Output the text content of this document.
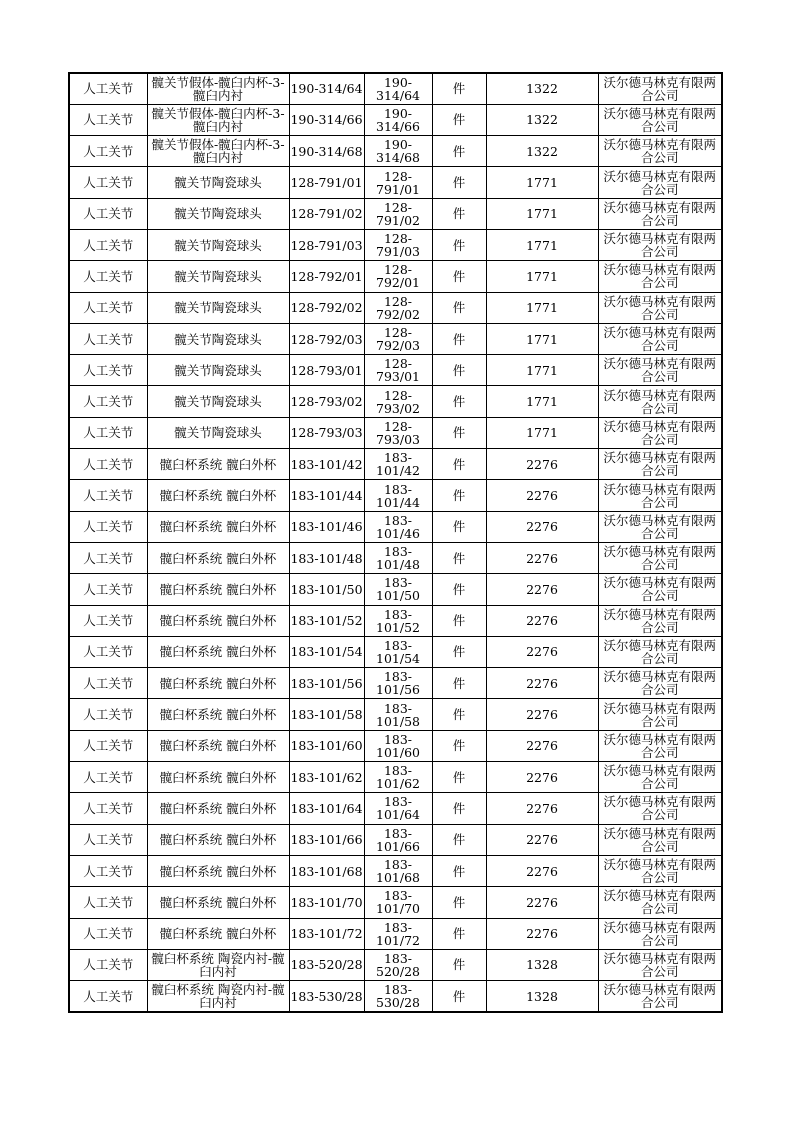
人工关节	髋关节假体-髋臼内杯-3-髋臼内衬	190-314/64	190-314/64	件	1322	沃尔德马林克有限两合公司
人工关节	髋关节假体-髋臼内杯-3-髋臼内衬	190-314/66	190-314/66	件	1322	沃尔德马林克有限两合公司
人工关节	髋关节假体-髋臼内杯-3-髋臼内衬	190-314/68	190-314/68	件	1322	沃尔德马林克有限两合公司
人工关节	髋关节陶瓷球头	128-791/01	128-791/01	件	1771	沃尔德马林克有限两合公司
人工关节	髋关节陶瓷球头	128-791/02	128-791/02	件	1771	沃尔德马林克有限两合公司
人工关节	髋关节陶瓷球头	128-791/03	128-791/03	件	1771	沃尔德马林克有限两合公司
人工关节	髋关节陶瓷球头	128-792/01	128-792/01	件	1771	沃尔德马林克有限两合公司
人工关节	髋关节陶瓷球头	128-792/02	128-792/02	件	1771	沃尔德马林克有限两合公司
人工关节	髋关节陶瓷球头	128-792/03	128-792/03	件	1771	沃尔德马林克有限两合公司
人工关节	髋关节陶瓷球头	128-793/01	128-793/01	件	1771	沃尔德马林克有限两合公司
人工关节	髋关节陶瓷球头	128-793/02	128-793/02	件	1771	沃尔德马林克有限两合公司
人工关节	髋关节陶瓷球头	128-793/03	128-793/03	件	1771	沃尔德马林克有限两合公司
人工关节	髋臼杯系统 髋臼外杯	183-101/42	183-101/42	件	2276	沃尔德马林克有限两合公司
人工关节	髋臼杯系统 髋臼外杯	183-101/44	183-101/44	件	2276	沃尔德马林克有限两合公司
人工关节	髋臼杯系统 髋臼外杯	183-101/46	183-101/46	件	2276	沃尔德马林克有限两合公司
人工关节	髋臼杯系统 髋臼外杯	183-101/48	183-101/48	件	2276	沃尔德马林克有限两合公司
人工关节	髋臼杯系统 髋臼外杯	183-101/50	183-101/50	件	2276	沃尔德马林克有限两合公司
人工关节	髋臼杯系统 髋臼外杯	183-101/52	183-101/52	件	2276	沃尔德马林克有限两合公司
人工关节	髋臼杯系统 髋臼外杯	183-101/54	183-101/54	件	2276	沃尔德马林克有限两合公司
人工关节	髋臼杯系统 髋臼外杯	183-101/56	183-101/56	件	2276	沃尔德马林克有限两合公司
人工关节	髋臼杯系统 髋臼外杯	183-101/58	183-101/58	件	2276	沃尔德马林克有限两合公司
人工关节	髋臼杯系统 髋臼外杯	183-101/60	183-101/60	件	2276	沃尔德马林克有限两合公司
人工关节	髋臼杯系统 髋臼外杯	183-101/62	183-101/62	件	2276	沃尔德马林克有限两合公司
人工关节	髋臼杯系统 髋臼外杯	183-101/64	183-101/64	件	2276	沃尔德马林克有限两合公司
人工关节	髋臼杯系统 髋臼外杯	183-101/66	183-101/66	件	2276	沃尔德马林克有限两合公司
人工关节	髋臼杯系统 髋臼外杯	183-101/68	183-101/68	件	2276	沃尔德马林克有限两合公司
人工关节	髋臼杯系统 髋臼外杯	183-101/70	183-101/70	件	2276	沃尔德马林克有限两合公司
人工关节	髋臼杯系统 髋臼外杯	183-101/72	183-101/72	件	2276	沃尔德马林克有限两合公司
人工关节	髋臼杯系统 陶瓷内衬-髋臼内衬	183-520/28	183-520/28	件	1328	沃尔德马林克有限两合公司
人工关节	髋臼杯系统 陶瓷内衬-髋臼内衬	183-530/28	183-530/28	件	1328	沃尔德马林克有限两合公司
